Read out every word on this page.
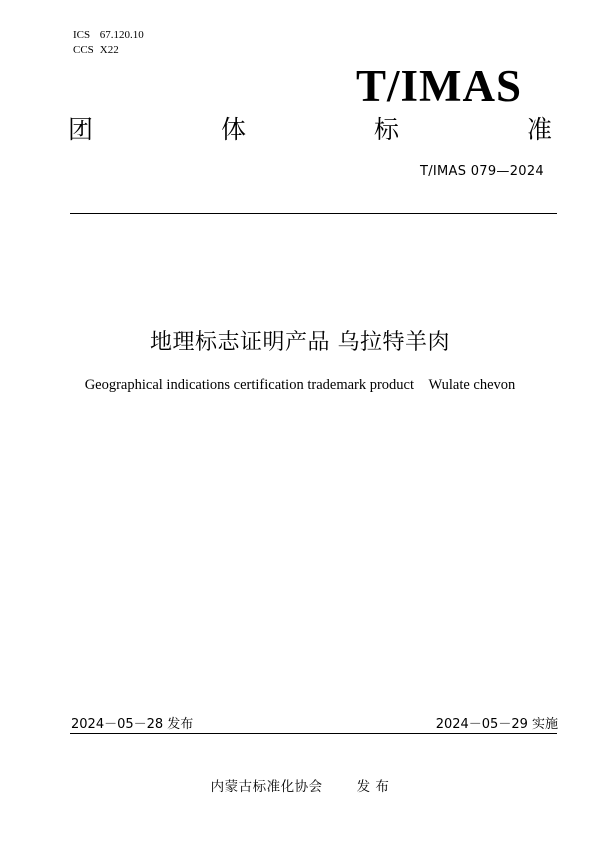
ICS 67.120.10
CCS X22
T/IMAS
团	体	标	准
T/IMAS 079—2024
地理标志证明产品 乌拉特羊肉
Geographical indications certification trademark product Wulate chevon
2024－05－28 发布	2024－05－29 实施
内蒙古标准化协会	发 布
